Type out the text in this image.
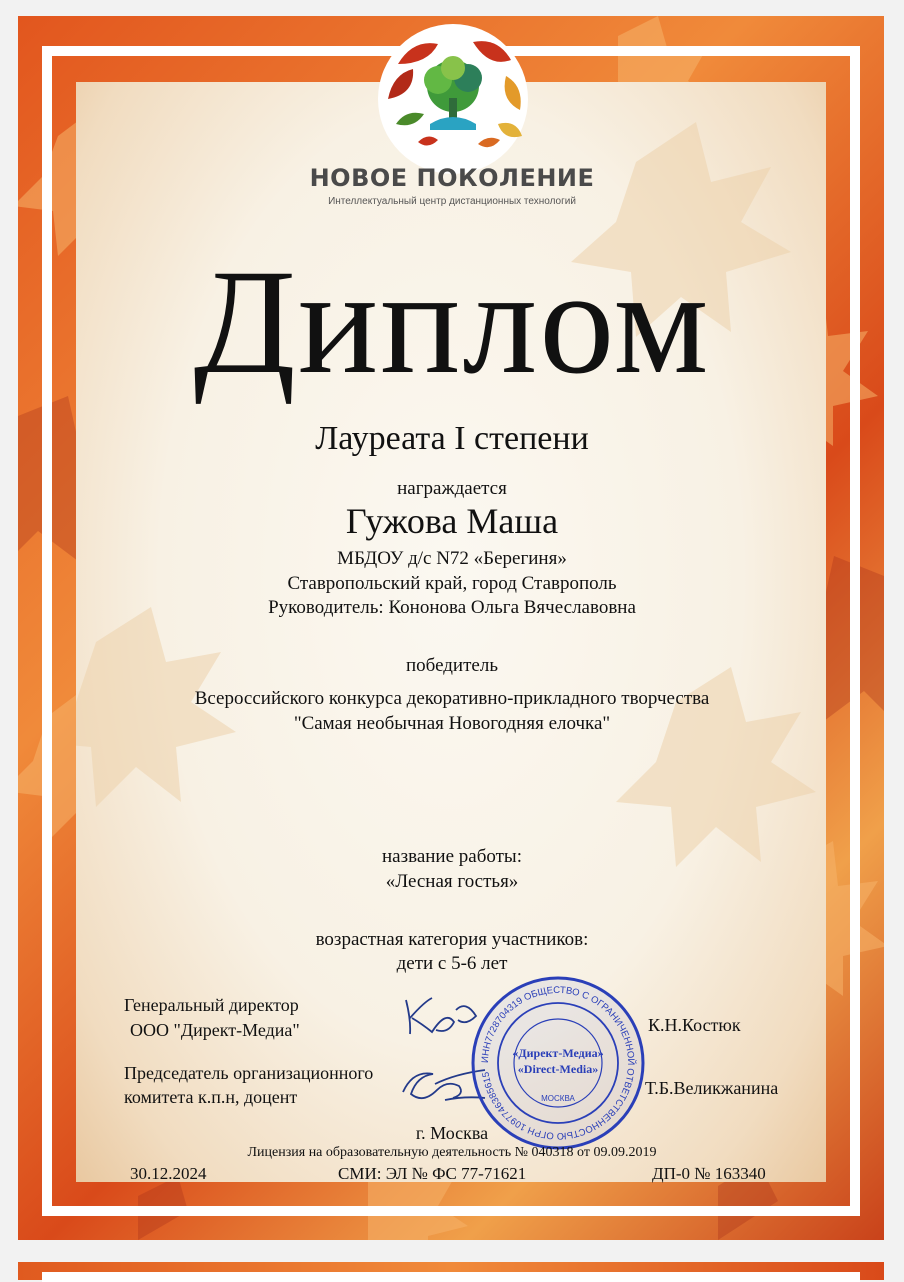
НОВОЕ ПОКОЛЕНИЕ
Интеллектуальный центр дистанционных технологий
Диплом
Лауреата I степени
награждается
Гужова Маша
МБДОУ д/с N72 «Берегиня»
Ставропольский край, город Ставрополь
Руководитель: Кононова Ольга Вячеславовна
победитель
Всероссийского конкурса декоративно-прикладного творчества
"Самая необычная Новогодняя елочка"
название работы:
«Лесная гостья»
возрастная категория участников:
дети с 5-6 лет
Генеральный директор
ООО "Директ-Медиа"
Председатель организационного
комитета к.п.н, доцент
К.Н.Костюк
Т.Б.Великжанина
ИНН7728704319 ОБЩЕСТВО С ОГРАНИЧЕННОЙ ОТВЕТСТВЕННОСТЬЮ ОГРН 1097746385615
«Директ-Медиа»
«Direct-Media»
МОСКВА
г. Москва
Лицензия на образовательную деятельность № 040318 от 09.09.2019
30.12.2024	СМИ: ЭЛ № ФС 77-71621	ДП-0 № 163340
